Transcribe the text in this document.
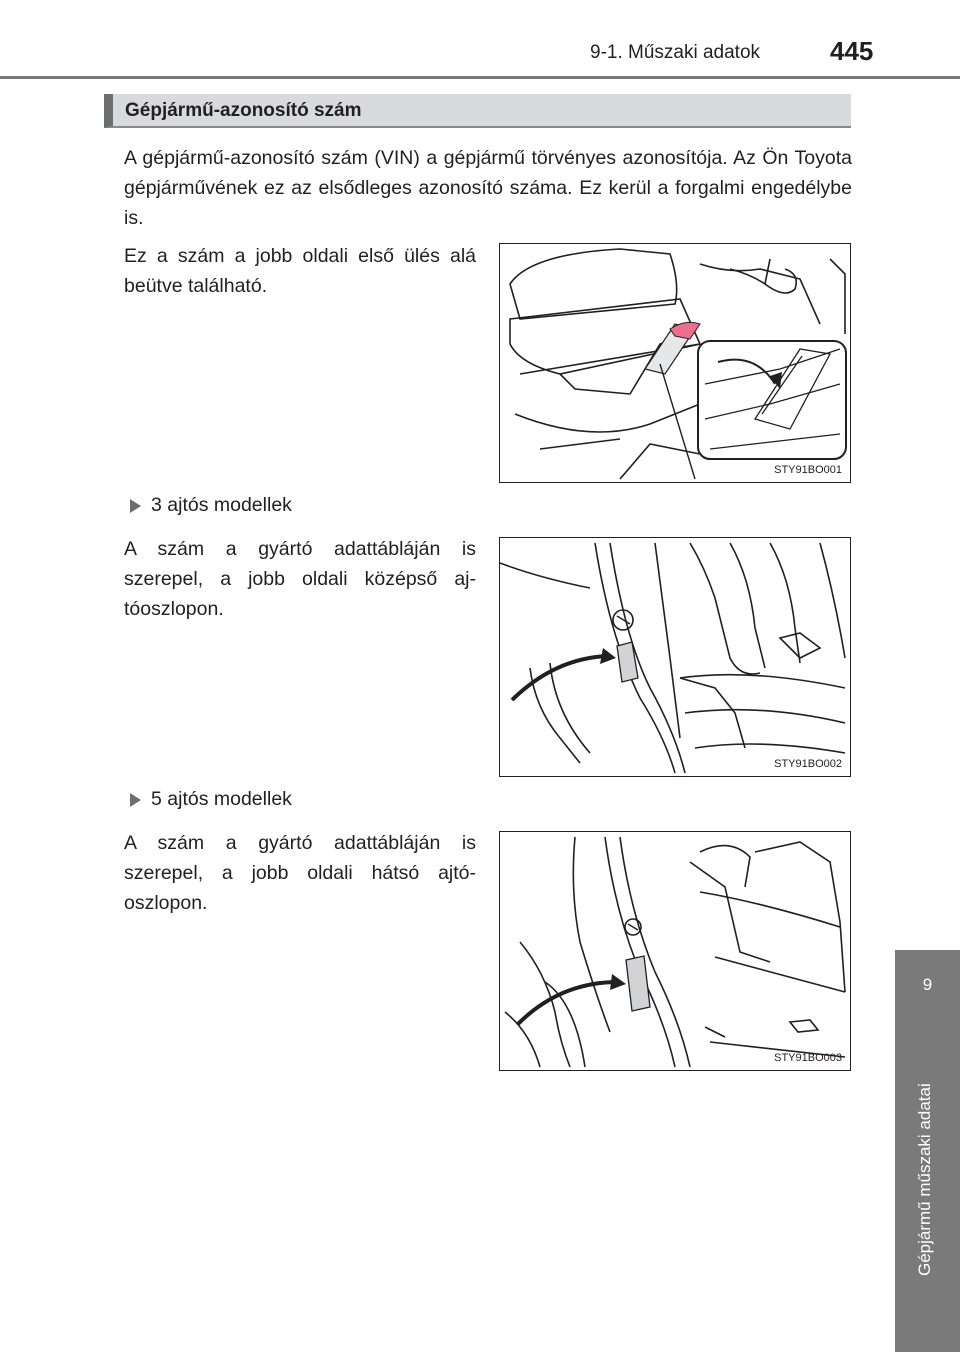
9-1. Műszaki adatok	445
9
Gépjármű műszaki adatai
Gépjármű-azonosító szám
A gépjármű-azonosító szám (VIN) a gépjármű törvényes azonosítója. Az Ön Toyota gépjárművének ez az elsődleges azonosító száma. Ez kerül a forgalmi engedélybe is.
Ez a szám a jobb oldali első ülés alá beütve található.
STY91BO001
3 ajtós modellek
A szám a gyártó adattábláján is szerepel, a jobb oldali középső aj-tóoszlopon.
STY91BO002
5 ajtós modellek
A szám a gyártó adattábláján is szerepel, a jobb oldali hátsó ajtó-oszlopon.
STY91BO003
